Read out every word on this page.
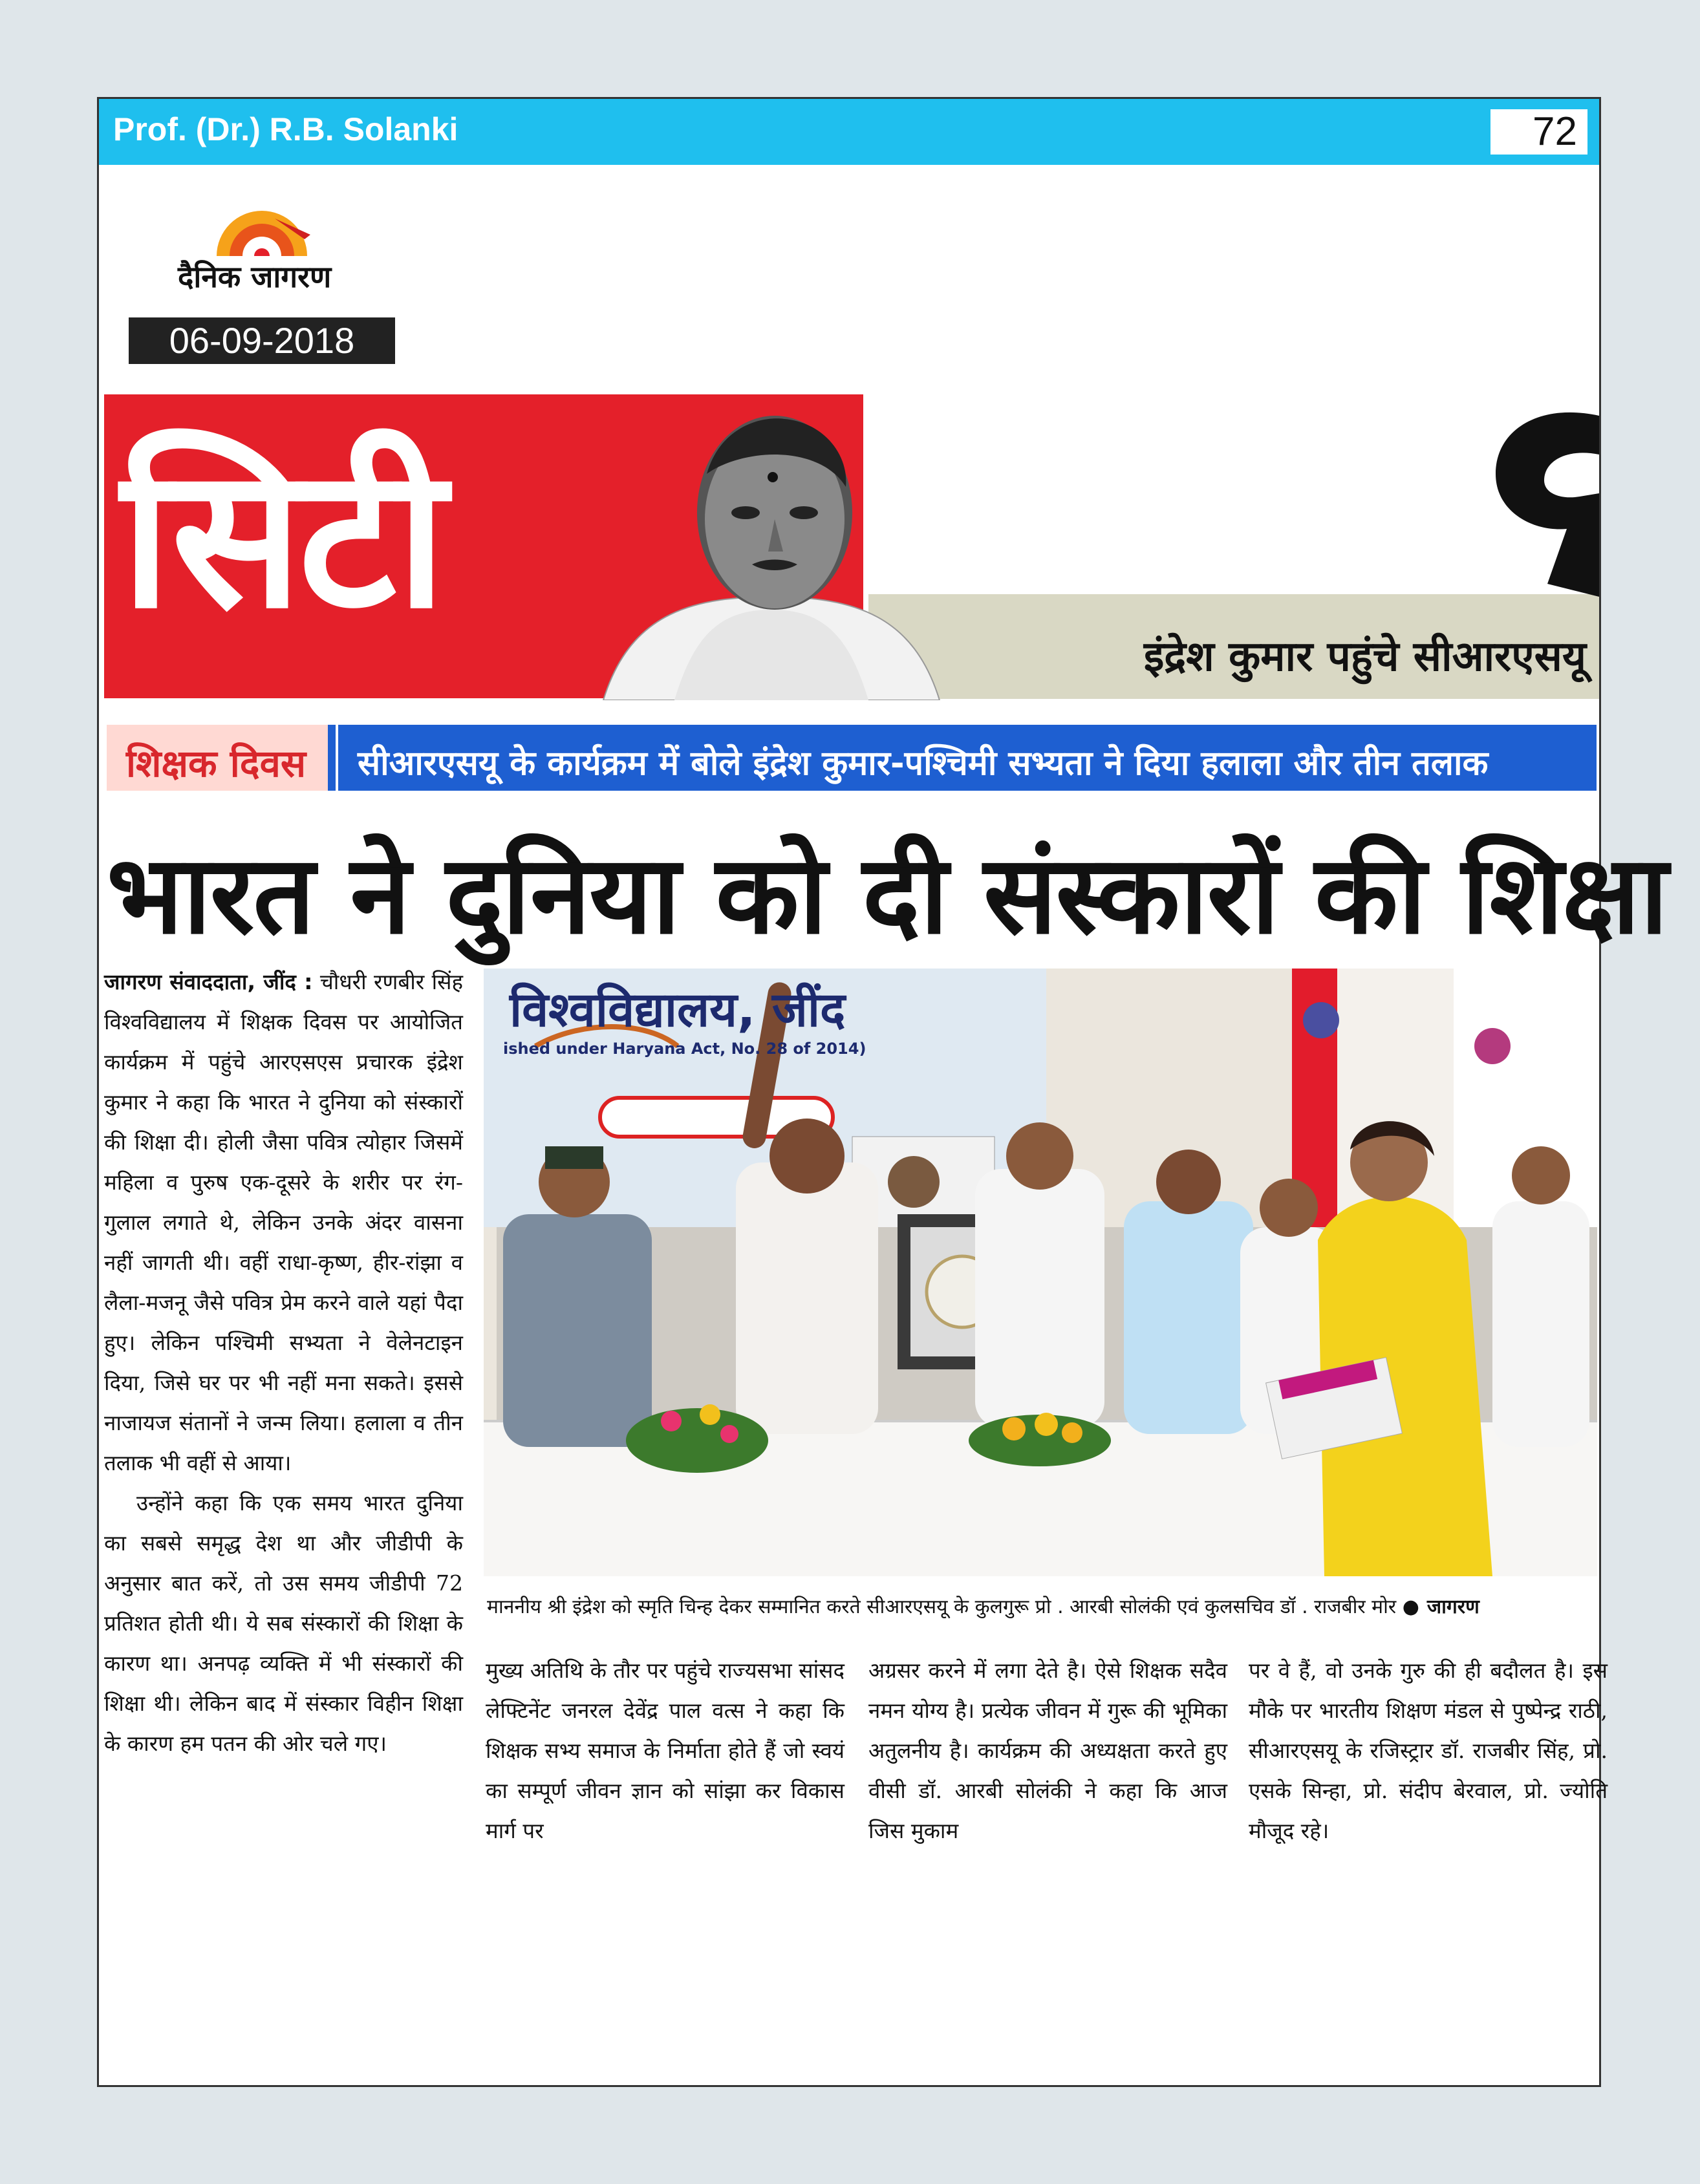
Prof. (Dr.) R.B. Solanki	72
दैनिक जागरण
06-09-2018
सिटी
इंद्रेश कुमार पहुंचे सीआरएसयू
शिक्षक दिवस सीआरएसयू के कार्यक्रम में बोले इंद्रेश कुमार-पश्चिमी सभ्यता ने दिया हलाला और तीन तलाक
भारत ने दुनिया को दी संस्कारों की शिक्षा

जागरण संवाददाता, जींद : चौधरी रणबीर सिंह विश्वविद्यालय में शिक्षक दिवस पर आयोजित कार्यक्रम में पहुंचे आरएसएस प्रचारक इंद्रेश कुमार ने कहा कि भारत ने दुनिया को संस्कारों की शिक्षा दी। होली जैसा पवित्र त्योहार जिसमें महिला व पुरुष एक-दूसरे के शरीर पर रंग-गुलाल लगाते थे, लेकिन उनके अंदर वासना नहीं जागती थी। वहीं राधा-कृष्ण, हीर-रांझा व लैला-मजनू जैसे पवित्र प्रेम करने वाले यहां पैदा हुए। लेकिन पश्चिमी सभ्यता ने वेलेनटाइन दिया, जिसे घर पर भी नहीं मना सकते। इससे नाजायज संतानों ने जन्म लिया। हलाला व तीन तलाक भी वहीं से आया।

उन्होंने कहा कि एक समय भारत दुनिया का सबसे समृद्ध देश था और जीडीपी के अनुसार बात करें, तो उस समय जीडीपी 72 प्रतिशत होती थी। ये सब संस्कारों की शिक्षा के कारण था। अनपढ़ व्यक्ति में भी संस्कारों की शिक्षा थी। लेकिन बाद में संस्कार विहीन शिक्षा के कारण हम पतन की ओर चले गए।

विश्वविद्यालय, जींद
ished under Haryana Act, No. 28 of 2014)
माननीय श्री इंद्रेश को स्मृति चिन्ह देकर सम्मानित करते सीआरएसयू के कुलगुरू प्रो . आरबी सोलंकी एवं कुलसचिव डॉ . राजबीर मोर ● जागरण
मुख्य अतिथि के तौर पर पहुंचे राज्यसभा सांसद लेफ्टिनेंट जनरल देवेंद्र पाल वत्स ने कहा कि शिक्षक सभ्य समाज के निर्माता होते हैं जो स्वयं का सम्पूर्ण जीवन ज्ञान को सांझा कर विकास मार्ग पर
अग्रसर करने में लगा देते है। ऐसे शिक्षक सदैव नमन योग्य है। प्रत्येक जीवन में गुरू की भूमिका अतुलनीय है। कार्यक्रम की अध्यक्षता करते हुए वीसी डॉ. आरबी सोलंकी ने कहा कि आज जिस मुकाम
पर वे हैं, वो उनके गुरु की ही बदौलत है। इस मौके पर भारतीय शिक्षण मंडल से पुष्पेन्द्र राठी, सीआरएसयू के रजिस्ट्रार डॉ. राजबीर सिंह, प्रो. एसके सिन्हा, प्रो. संदीप बेरवाल, प्रो. ज्योति मौजूद रहे।
